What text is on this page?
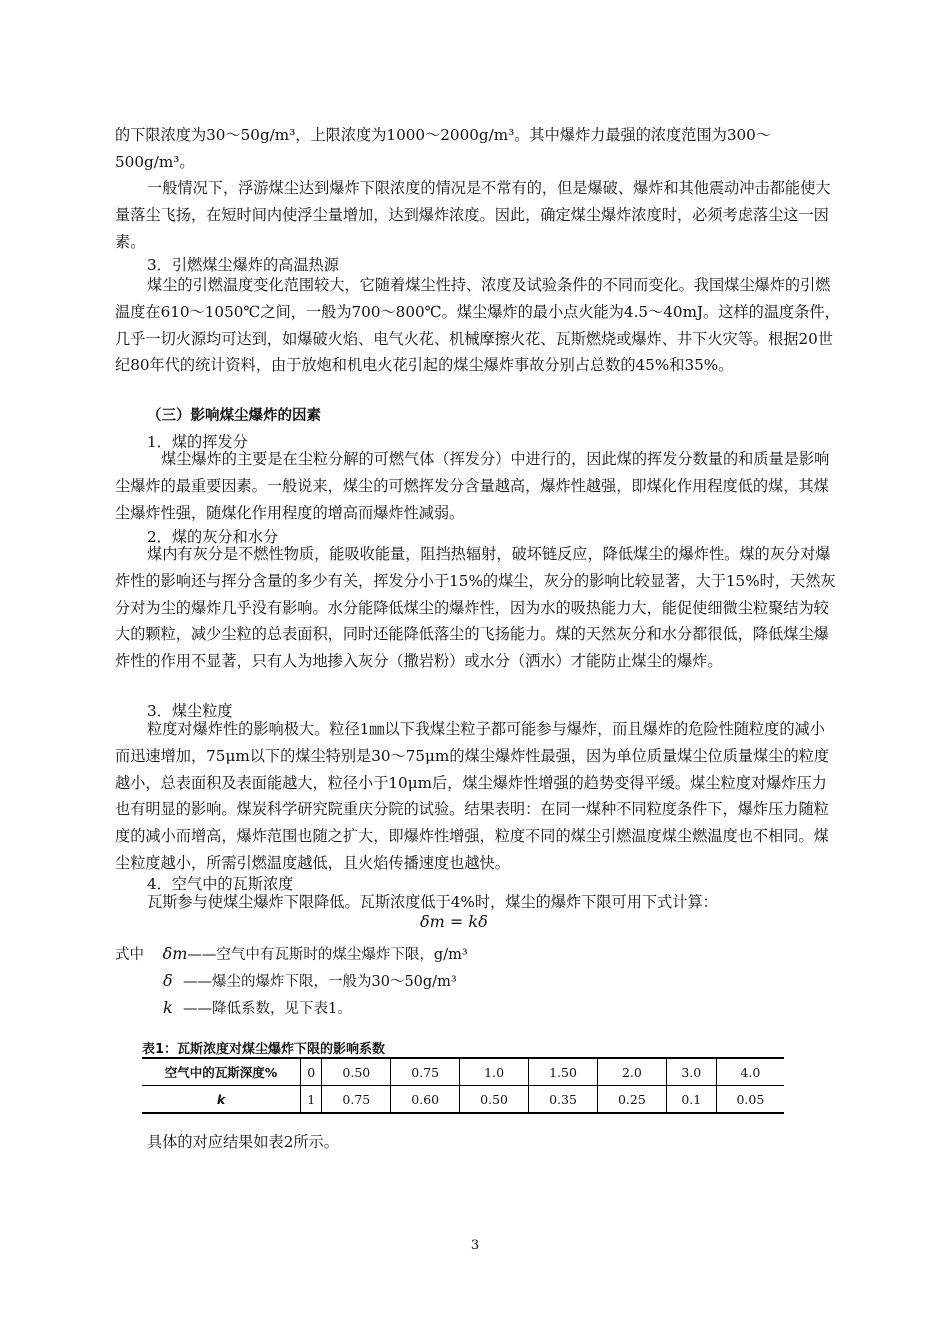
的下限浓度为30～50g/m³，上限浓度为1000～2000g/m³。其中爆炸力最强的浓度范围为300～500g/m³。

一般情况下，浮游煤尘达到爆炸下限浓度的情况是不常有的，但是爆破、爆炸和其他震动冲击都能使大量落尘飞扬，在短时间内使浮尘量增加，达到爆炸浓度。因此，确定煤尘爆炸浓度时，必须考虑落尘这一因素。

3．引燃煤尘爆炸的高温热源

煤尘的引燃温度变化范围较大，它随着煤尘性持、浓度及试验条件的不同而变化。我国煤尘爆炸的引燃温度在610～1050℃之间，一般为700～800℃。煤尘爆炸的最小点火能为4.5～40mJ。这样的温度条件，几乎一切火源均可达到，如爆破火焰、电气火花、机械摩擦火花、瓦斯燃烧或爆炸、井下火灾等。根据20世纪80年代的统计资料，由于放炮和机电火花引起的煤尘爆炸事故分别占总数的45%和35%。

（三）影响煤尘爆炸的因素

1．煤的挥发分

煤尘爆炸的主要是在尘粒分解的可燃气体（挥发分）中进行的，因此煤的挥发分数量的和质量是影响尘爆炸的最重要因素。一般说来，煤尘的可燃挥发分含量越高，爆炸性越强，即煤化作用程度低的煤，其煤尘爆炸性强，随煤化作用程度的增高而爆炸性减弱。

2．煤的灰分和水分

煤内有灰分是不燃性物质，能吸收能量，阻挡热辐射，破坏链反应，降低煤尘的爆炸性。煤的灰分对爆炸性的影响还与挥分含量的多少有关，挥发分小于15%的煤尘，灰分的影响比较显著，大于15%时，天然灰分对为尘的爆炸几乎没有影响。水分能降低煤尘的爆炸性，因为水的吸热能力大，能促使细微尘粒聚结为较大的颗粒，减少尘粒的总表面积，同时还能降低落尘的飞扬能力。煤的天然灰分和水分都很低，降低煤尘爆炸性的作用不显著，只有人为地掺入灰分（撒岩粉）或水分（洒水）才能防止煤尘的爆炸。

3．煤尘粒度

粒度对爆炸性的影响极大。粒径1㎜以下我煤尘粒子都可能参与爆炸，而且爆炸的危险性随粒度的减小而迅速增加，75μm以下的煤尘特别是30～75μm的煤尘爆炸性最强，因为单位质量煤尘位质量煤尘的粒度越小，总表面积及表面能越大，粒径小于10μm后，煤尘爆炸性增强的趋势变得平缓。煤尘粒度对爆炸压力也有明显的影响。煤炭科学研究院重庆分院的试验。结果表明：在同一煤种不同粒度条件下，爆炸压力随粒度的减小而增高，爆炸范围也随之扩大，即爆炸性增强，粒度不同的煤尘引燃温度煤尘燃温度也不相同。煤尘粒度越小，所需引燃温度越低，且火焰传播速度也越快。

4．空气中的瓦斯浓度

瓦斯参与使煤尘爆炸下限降低。瓦斯浓度低于4%时，煤尘的爆炸下限可用下式计算：

δm = kδ
式中 δm——空气中有瓦斯时的煤尘爆炸下限，g/m³
δ ——爆尘的爆炸下限，一般为30～50g/m³
k ——降低系数，见下表1。
表1：瓦斯浓度对煤尘爆炸下限的影响系数
空气中的瓦斯深度%	0	0.50	0.75	1.0	1.50	2.0	3.0	4.0
k	1	0.75	0.60	0.50	0.35	0.25	0.1	0.05

具体的对应结果如表2所示。

3
